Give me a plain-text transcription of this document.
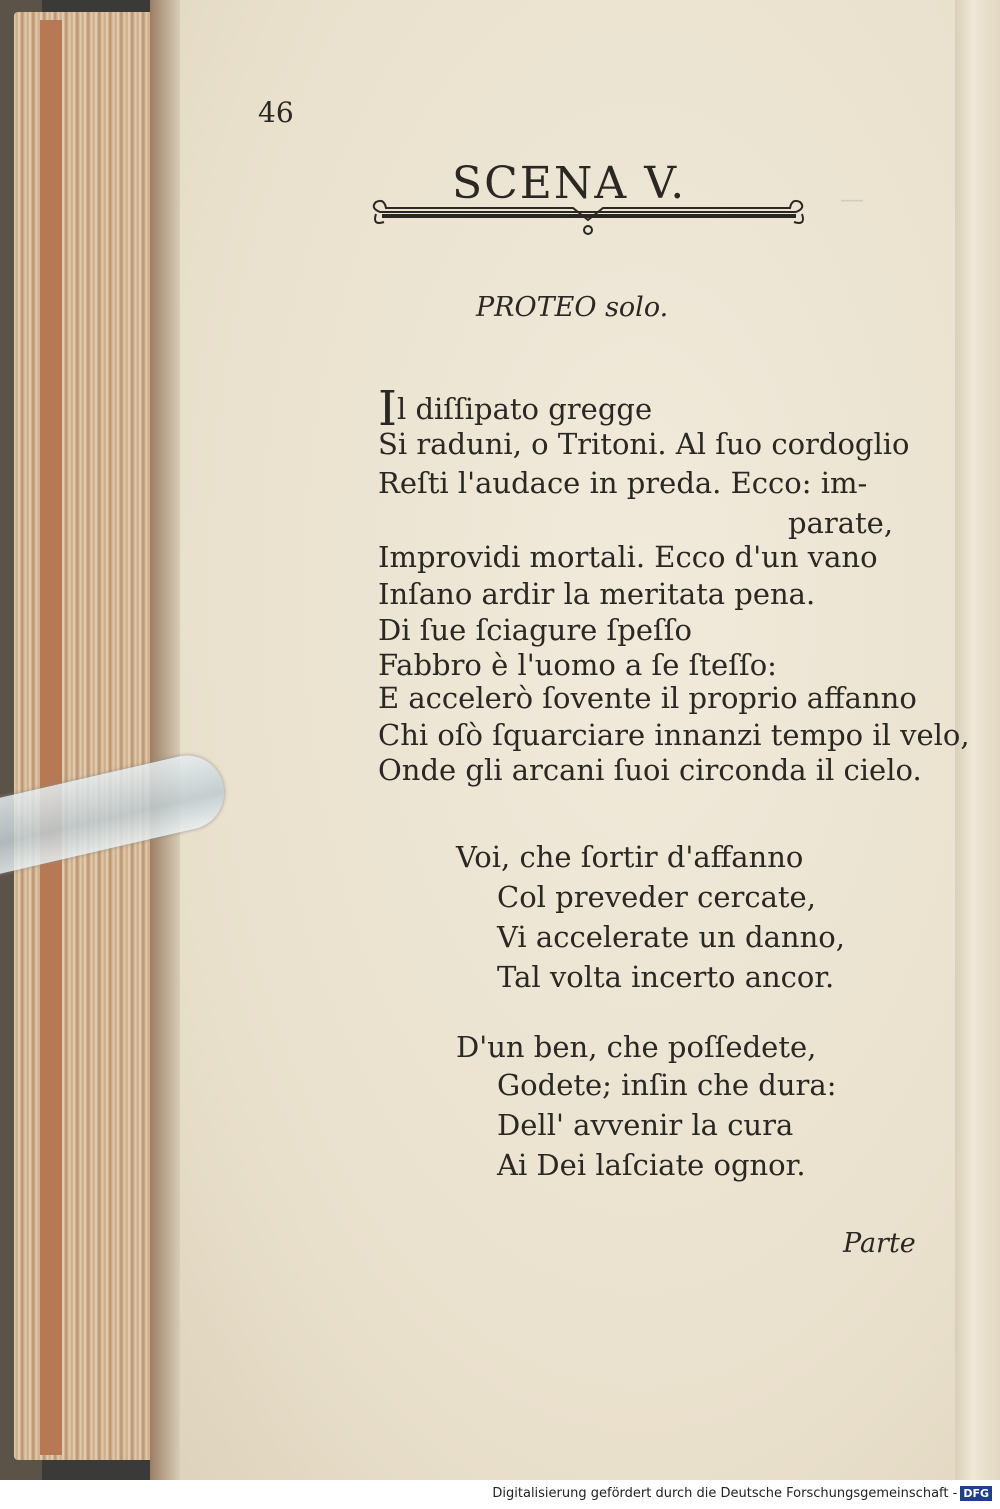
—
46
SCENA V.
PROTEO solo.
Il diſſipato gregge
Si raduni, o Tritoni. Al ſuo cordoglio
Reſti l'audace in preda. Ecco: im-
parate,
Improvidi mortali. Ecco d'un vano
Inſano ardir la meritata pena.
Di ſue ſciagure ſpeſſo
Fabbro è l'uomo a ſe ſteſſo:
E accelerò ſovente il proprio affanno
Chi oſò ſquarciare innanzi tempo il velo,
Onde gli arcani ſuoi circonda il cielo.
Voi, che ſortir d'affanno
Col preveder cercate,
Vi accelerate un danno,
Tal volta incerto ancor.
D'un ben, che poſſedete,
Godete; inſin che dura:
Dell' avvenir la cura
Ai Dei laſciate ognor.
Parte
Digitalisierung gefördert durch die Deutsche Forschungsgemeinschaft - DFG
